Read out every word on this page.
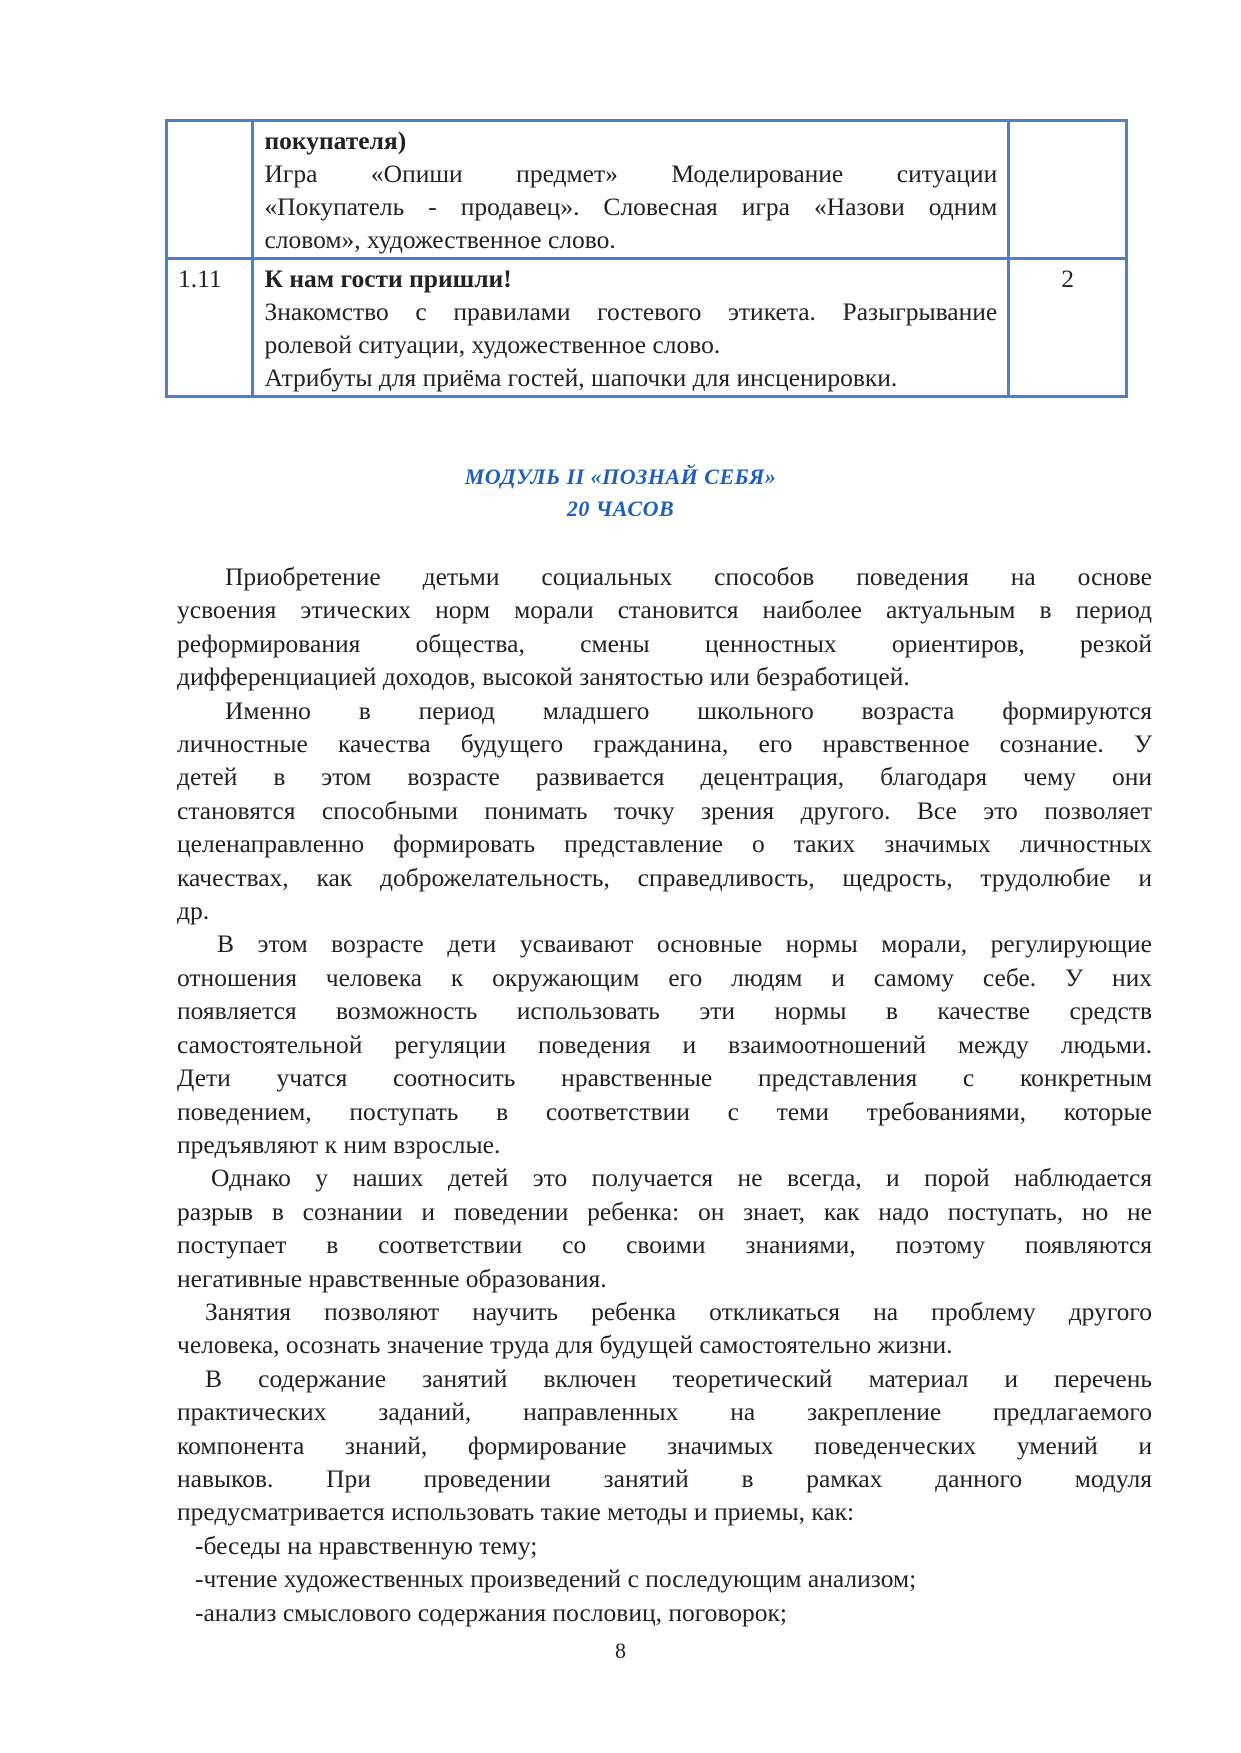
	покупателя)
Игра «Опиши предмет» Моделирование ситуации
«Покупатель - продавец». Словесная игра «Назови одним
словом», художественное слово.	

1.11	К нам гости пришли!
Знакомство с правилами гостевого этикета. Разыгрывание
ролевой ситуации, художественное слово.
Атрибуты для приёма гостей, шапочки для инсценировки.	2
МОДУЛЬ II «ПОЗНАЙ СЕБЯ»
20 ЧАСОВ

Приобретение детьми социальных способов поведения на основе
усвоения этических норм морали становится наиболее актуальным в период
реформирования общества, смены ценностных ориентиров, резкой
дифференциацией доходов, высокой занятостью или безработицей.

Именно в период младшего школьного возраста формируются
личностные качества будущего гражданина, его нравственное сознание. У
детей в этом возрасте развивается децентрация, благодаря чему они
становятся способными понимать точку зрения другого. Все это позволяет
целенаправленно формировать представление о таких значимых личностных
качествах, как доброжелательность, справедливость, щедрость, трудолюбие и
др.

В этом возрасте дети усваивают основные нормы морали, регулирующие
отношения человека к окружающим его людям и самому себе. У них
появляется возможность использовать эти нормы в качестве средств
самостоятельной регуляции поведения и взаимоотношений между людьми.
Дети учатся соотносить нравственные представления с конкретным
поведением, поступать в соответствии с теми требованиями, которые
предъявляют к ним взрослые.

Однако у наших детей это получается не всегда, и порой наблюдается
разрыв в сознании и поведении ребенка: он знает, как надо поступать, но не
поступает в соответствии со своими знаниями, поэтому появляются
негативные нравственные образования.

Занятия позволяют научить ребенка откликаться на проблему другого
человека, осознать значение труда для будущей самостоятельно жизни.

В содержание занятий включен теоретический материал и перечень
практических заданий, направленных на закрепление предлагаемого
компонента знаний, формирование значимых поведенческих умений и
навыков. При проведении занятий в рамках данного модуля
предусматривается использовать такие методы и приемы, как:

-беседы на нравственную тему;
-чтение художественных произведений с последующим анализом;
-анализ смыслового содержания пословиц, поговорок;
8
